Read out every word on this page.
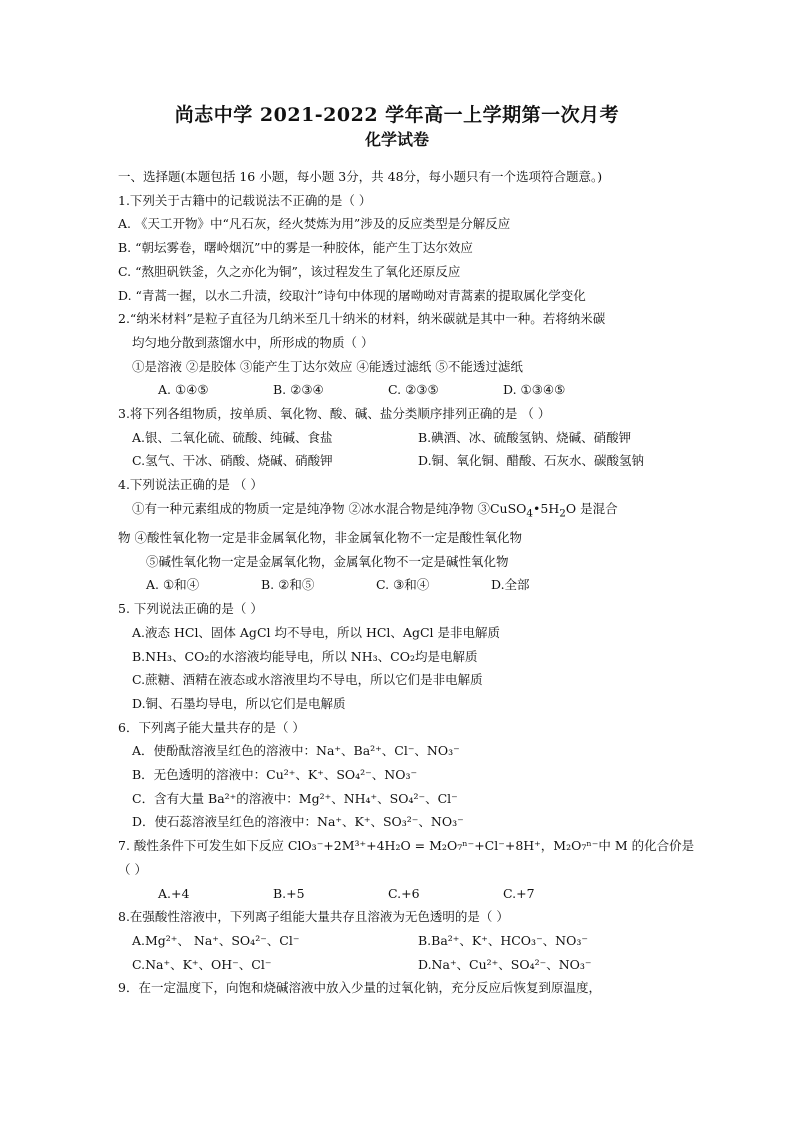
尚志中学 2021-2022 学年高一上学期第一次月考
化学试卷
一、选择题(本题包括 16 小题，每小题 3分，共 48分，每小题只有一个选项符合题意。)
1.下列关于古籍中的记载说法不正确的是（ ）
A. 《天工开物》中“凡石灰，经火焚炼为用”涉及的反应类型是分解反应
B. “朝坛雾卷，曙岭烟沉”中的雾是一种胶体，能产生丁达尔效应
C. “熬胆矾铁釜，久之亦化为铜”，该过程发生了氧化还原反应
D. “青蒿一握，以水二升渍，绞取汁”诗句中体现的屠呦呦对青蒿素的提取属化学变化
2.“纳米材料”是粒子直径为几纳米至几十纳米的材料，纳米碳就是其中一种。若将纳米碳
均匀地分散到蒸馏水中，所形成的物质（ ）
①是溶液 ②是胶体 ③能产生丁达尔效应 ④能透过滤纸 ⑤不能透过滤纸
A. ①④⑤	B. ②③④	C. ②③⑤	D. ①③④⑤
3.将下列各组物质，按单质、氧化物、酸、碱、盐分类顺序排列正确的是 （ ）
A.银、二氧化硫、硫酸、纯碱、食盐	B.碘酒、冰、硫酸氢钠、烧碱、硝酸钾
C.氢气、干冰、硝酸、烧碱、硝酸钾	D.铜、氧化铜、醋酸、石灰水、碳酸氢钠
4.下列说法正确的是 （ ）
①有一种元素组成的物质一定是纯净物 ②冰水混合物是纯净物 $③CuSO_4•5H_2O$ 是混合
物 ④酸性氧化物一定是非金属氧化物，非金属氧化物不一定是酸性氧化物
⑤碱性氧化物一定是金属氧化物，金属氧化物不一定是碱性氧化物
A. ①和④	B. ②和⑤	C. ③和④	D.全部
5. 下列说法正确的是（ ）
A.液态 HCl、固体 AgCl 均不导电，所以 HCl、AgCl 是非电解质
B.NH₃、CO₂的水溶液均能导电，所以 NH₃、CO₂均是电解质
C.蔗糖、酒精在液态或水溶液里均不导电，所以它们是非电解质
D.铜、石墨均导电，所以它们是电解质
6．下列离子能大量共存的是（ ）
A．使酚酞溶液呈红色的溶液中：Na⁺、Ba²⁺、Cl⁻、NO₃⁻
B．无色透明的溶液中：Cu²⁺、K⁺、SO₄²⁻、NO₃⁻
C．含有大量 Ba²⁺的溶液中：Mg²⁺、NH₄⁺、SO₄²⁻、Cl⁻
D．使石蕊溶液呈红色的溶液中：Na⁺、K⁺、SO₃²⁻、NO₃⁻
7. 酸性条件下可发生如下反应 ClO₃⁻+2M³⁺+4H₂O = M₂O₇ⁿ⁻+Cl⁻+8H⁺，M₂O₇ⁿ⁻中 M 的化合价是
（ ）
A.+4	B.+5	C.+6	C.+7
8.在强酸性溶液中，下列离子组能大量共存且溶液为无色透明的是（ ）
A.Mg²⁺、 Na⁺、SO₄²⁻、Cl⁻	B.Ba²⁺、K⁺、HCO₃⁻、NO₃⁻
C.Na⁺、K⁺、OH⁻、Cl⁻	D.Na⁺、Cu²⁺、SO₄²⁻、NO₃⁻
9．在一定温度下，向饱和烧碱溶液中放入少量的过氧化钠，充分反应后恢复到原温度，
